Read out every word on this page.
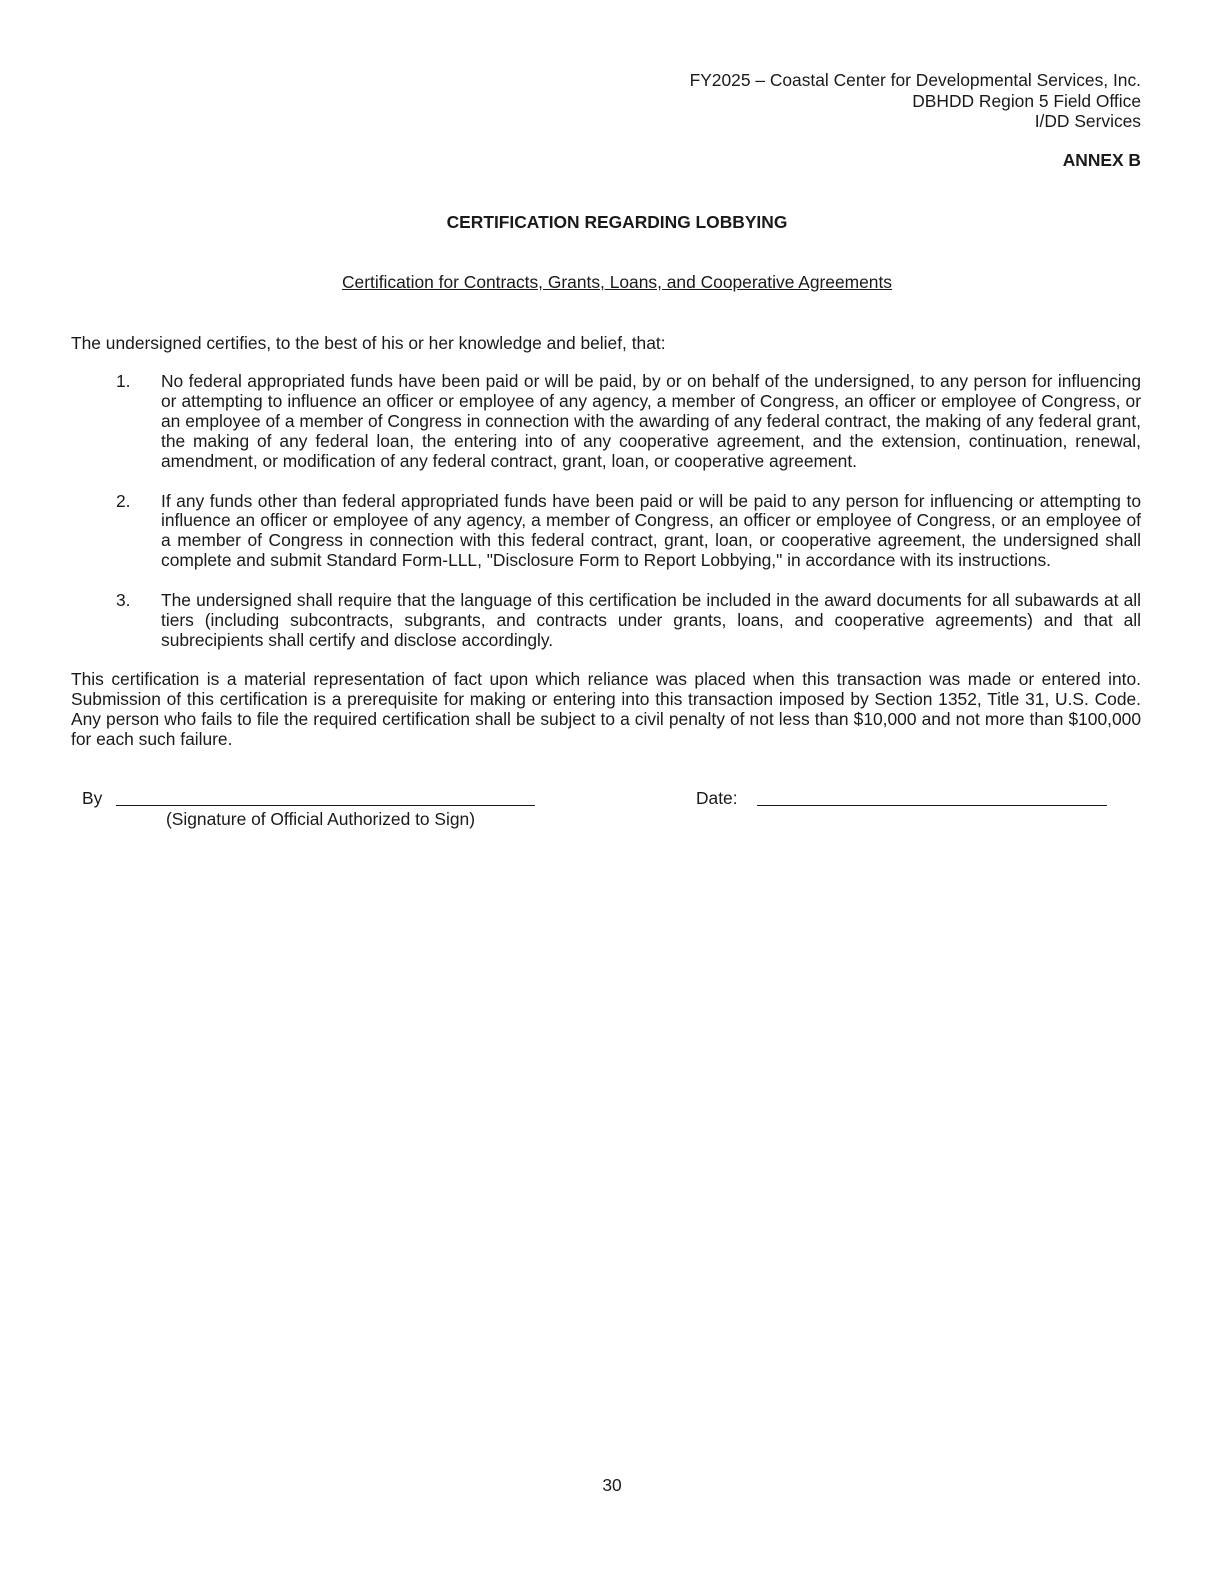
FY2025 – Coastal Center for Developmental Services, Inc.
DBHDD Region 5 Field Office
I/DD Services
ANNEX B
CERTIFICATION REGARDING LOBBYING
Certification for Contracts, Grants, Loans, and Cooperative Agreements
The undersigned certifies, to the best of his or her knowledge and belief, that:
1.	No federal appropriated funds have been paid or will be paid, by or on behalf of the undersigned, to any person for influencing or attempting to influence an officer or employee of any agency, a member of Congress, an officer or employee of Congress, or an employee of a member of Congress in connection with the awarding of any federal contract, the making of any federal grant, the making of any federal loan, the entering into of any cooperative agreement, and the extension, continuation, renewal, amendment, or modification of any federal contract, grant, loan, or cooperative agreement.
2.	If any funds other than federal appropriated funds have been paid or will be paid to any person for influencing or attempting to influence an officer or employee of any agency, a member of Congress, an officer or employee of Congress, or an employee of a member of Congress in connection with this federal contract, grant, loan, or cooperative agreement, the undersigned shall complete and submit Standard Form-LLL, "Disclosure Form to Report Lobbying," in accordance with its instructions.
3.	The undersigned shall require that the language of this certification be included in the award documents for all subawards at all tiers (including subcontracts, subgrants, and contracts under grants, loans, and cooperative agreements) and that all subrecipients shall certify and disclose accordingly.
This certification is a material representation of fact upon which reliance was placed when this transaction was made or entered into. Submission of this certification is a prerequisite for making or entering into this transaction imposed by Section 1352, Title 31, U.S. Code. Any person who fails to file the required certification shall be subject to a civil penalty of not less than $10,000 and not more than $100,000 for each such failure.
By
(Signature of Official Authorized to Sign)
Date:
30
